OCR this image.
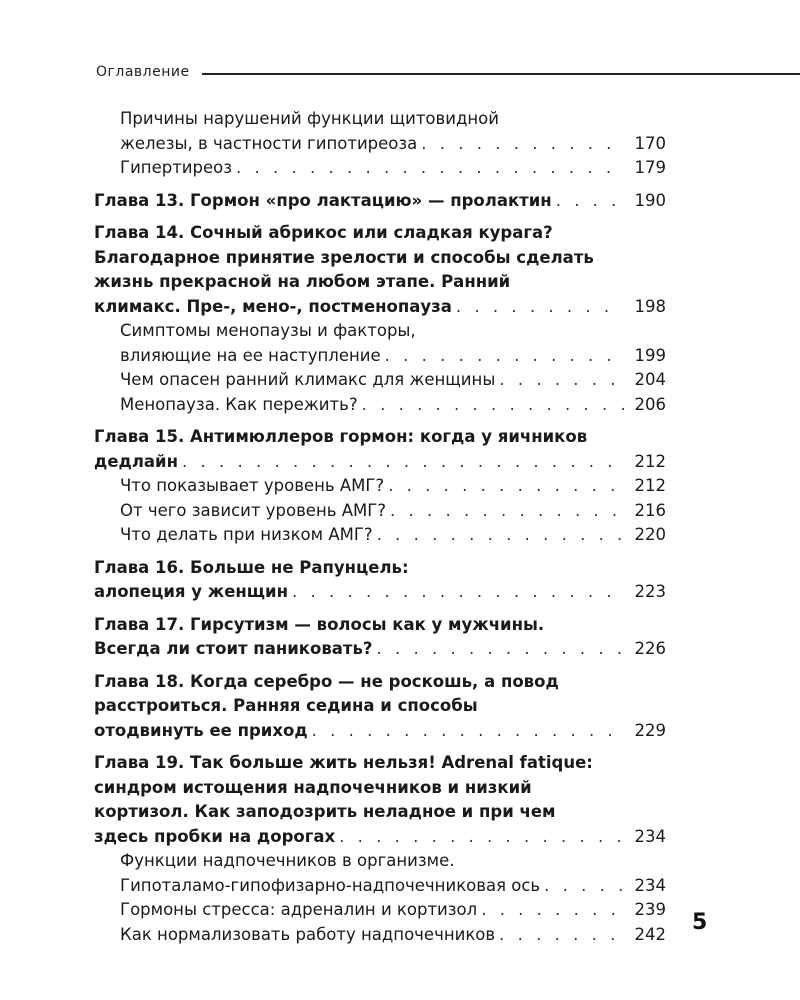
Оглавление
Причины нарушений функции щитовидной
железы, в частности гипотиреоза . . .	170
Гипертиреоз . . .	179
Глава 13. Гормон «про лактацию» — пролактин . . .	190
Глава 14. Сочный абрикос или сладкая курага?
Благодарное принятие зрелости и способы сделать
жизнь прекрасной на любом этапе. Ранний
климакс. Пре-, мено-, постменопауза . . .	198
Симптомы менопаузы и факторы,
влияющие на ее наступление . . .	199
Чем опасен ранний климакс для женщины . . .	204
Менопауза. Как пережить? . . .	206
Глава 15. Антимюллеров гормон: когда у яичников
дедлайн . . .	212
Что показывает уровень АМГ? . . .	212
От чего зависит уровень АМГ? . . .	216
Что делать при низком АМГ? . . .	220
Глава 16. Больше не Рапунцель:
алопеция у женщин . . .	223
Глава 17. Гирсутизм — волосы как у мужчины.
Всегда ли стоит паниковать? . . .	226
Глава 18. Когда серебро — не роскошь, а повод
расстроиться. Ранняя седина и способы
отодвинуть ее приход . . .	229
Глава 19. Так больше жить нельзя! Adrenal fatique:
синдром истощения надпочечников и низкий
кортизол. Как заподозрить неладное и при чем
здесь пробки на дорогах . . .	234
Функции надпочечников в организме.
Гипоталамо-гипофизарно-надпочечниковая ось . . .	234
Гормоны стресса: адреналин и кортизол . . .	239
Как нормализовать работу надпочечников . . .	242 5
